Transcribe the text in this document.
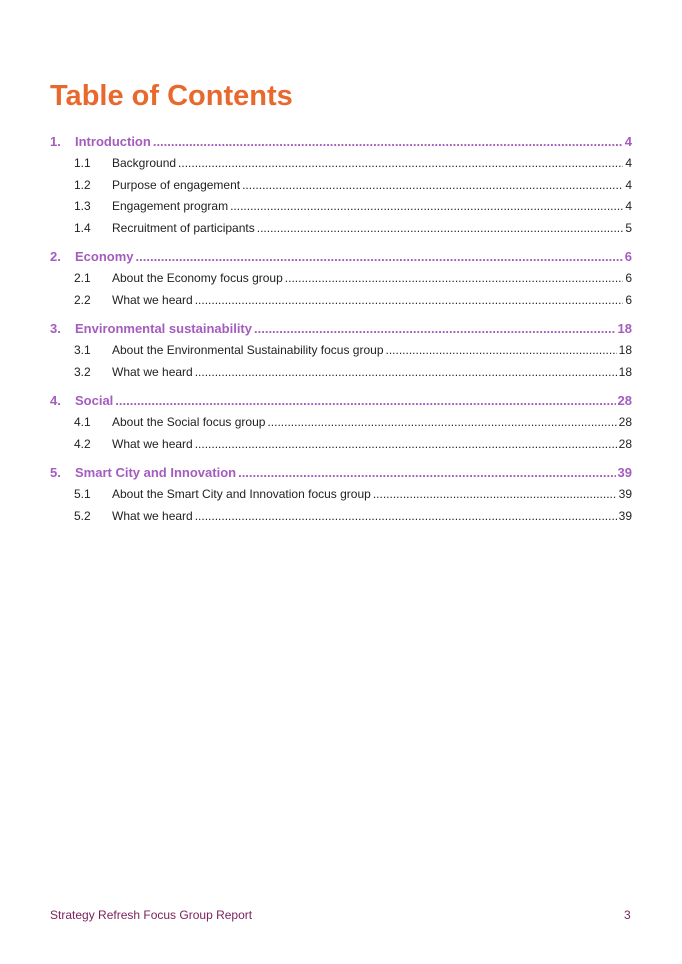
Table of Contents
1.	Introduction .....	4
1.1	Background .....	4
1.2	Purpose of engagement .....	4
1.3	Engagement program .....	4
1.4	Recruitment of participants .....	5
2.	Economy .....	6
2.1	About the Economy focus group .....	6
2.2	What we heard .....	6
3.	Environmental sustainability .....	18
3.1	About the Environmental Sustainability focus group .....	18
3.2	What we heard .....	18
4.	Social .....	28
4.1	About the Social focus group .....	28
4.2	What we heard .....	28
5.	Smart City and Innovation .....	39
5.1	About the Smart City and Innovation focus group .....	39
5.2	What we heard .....	39
Strategy Refresh Focus Group Report	3
